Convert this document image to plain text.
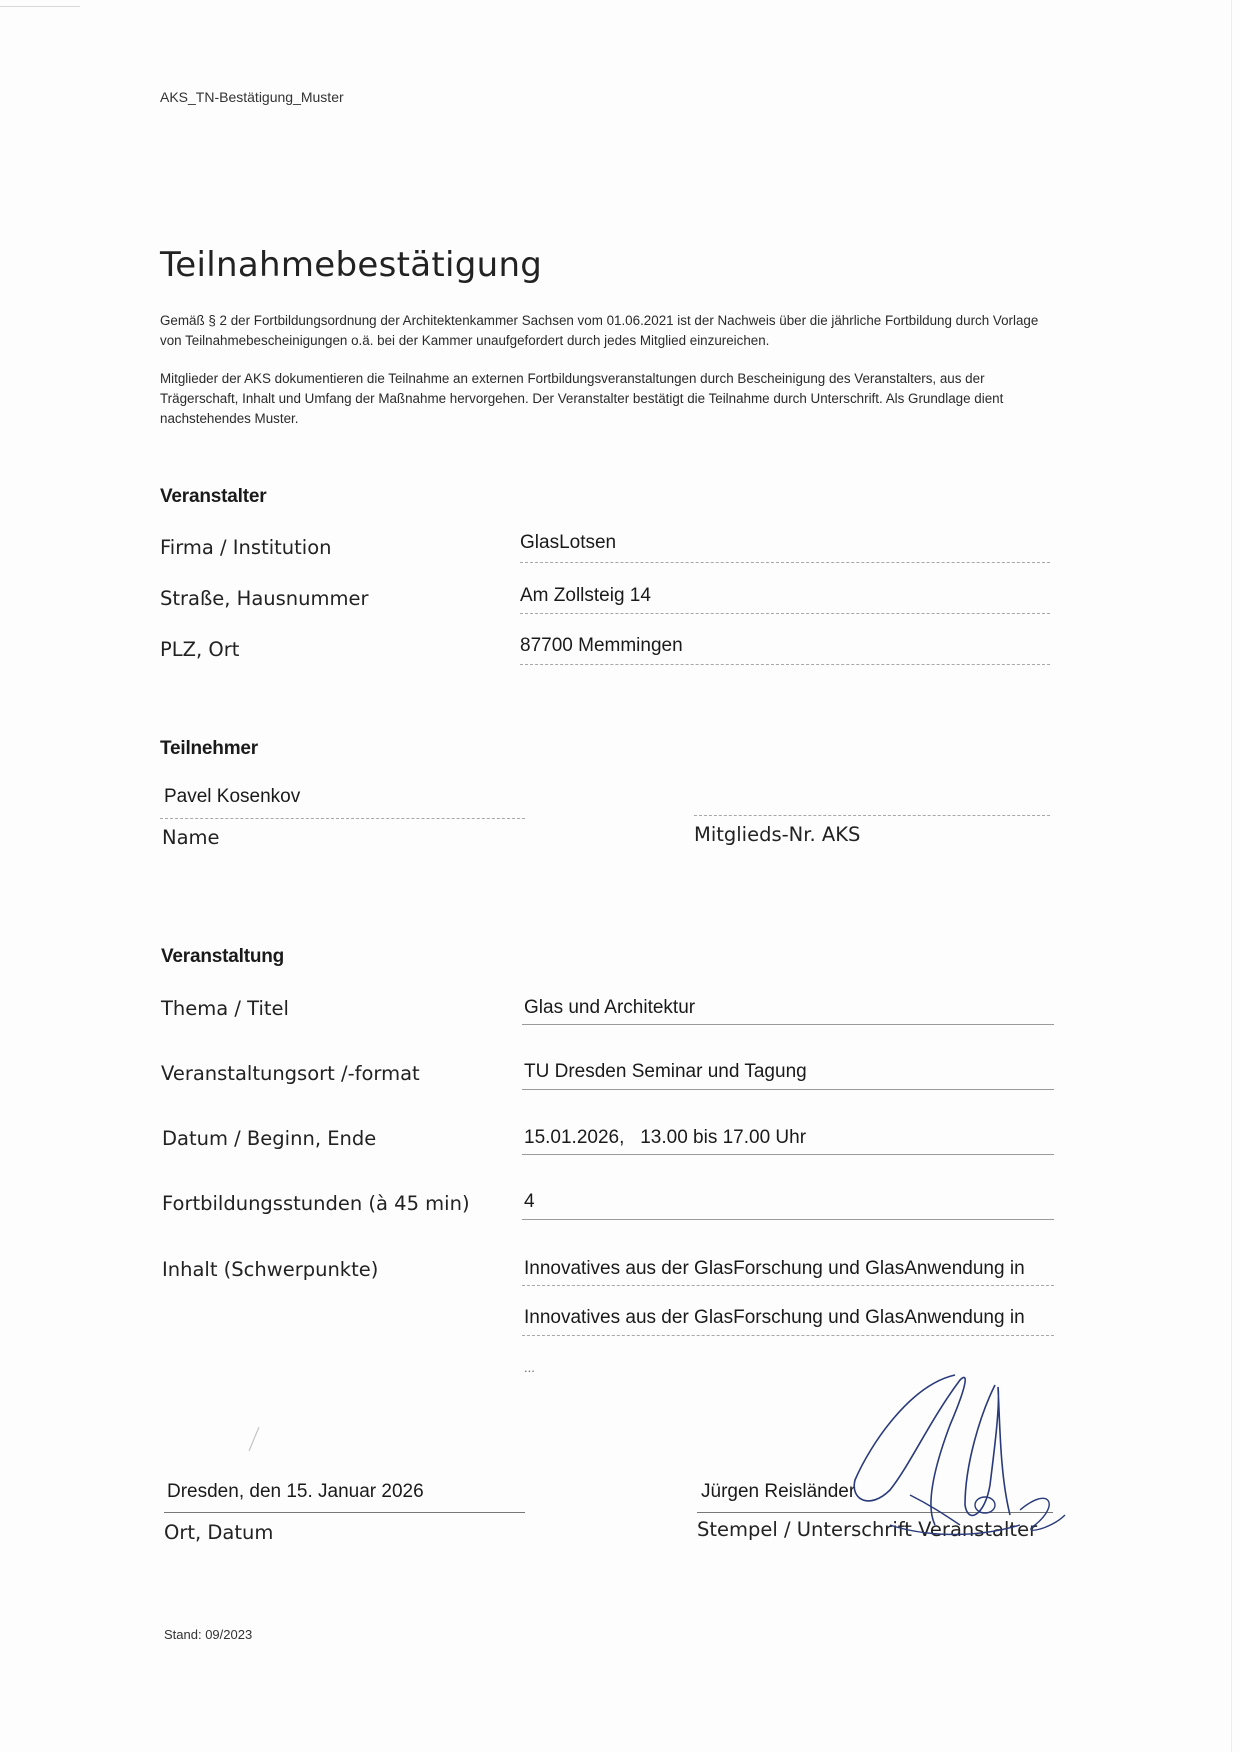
AKS_TN-Bestätigung_Muster
Teilnahmebestätigung

Gemäß § 2 der Fortbildungsordnung der Architektenkammer Sachsen vom 01.06.2021 ist der Nachweis über die jährliche Fortbildung durch Vorlage von Teilnahmebescheinigungen o.ä. bei der Kammer unaufgefordert durch jedes Mitglied einzureichen.

Mitglieder der AKS dokumentieren die Teilnahme an externen Fortbildungsveranstaltungen durch Bescheinigung des Veranstalters, aus der Trägerschaft, Inhalt und Umfang der Maßnahme hervorgehen. Der Veranstalter bestätigt die Teilnahme durch Unterschrift. Als Grundlage dient nachstehendes Muster.

Veranstalter
Firma / Institution	GlasLotsen
Straße, Hausnummer	Am Zollsteig 14
PLZ, Ort	87700 Memmingen
Teilnehmer
Pavel Kosenkov
Name	Mitglieds-Nr. AKS
Veranstaltung
Thema / Titel	Glas und Architektur
Veranstaltungsort /-format	TU Dresden Seminar und Tagung
Datum / Beginn, Ende	15.01.2026,   13.00 bis 17.00 Uhr
Fortbildungsstunden (à 45 min)	4
Inhalt (Schwerpunkte)	Innovatives aus der GlasForschung und GlasAnwendung in
Innovatives aus der GlasForschung und GlasAnwendung in
...
Dresden, den 15. Januar 2026
Ort, Datum
Jürgen Reisländer
Stempel / Unterschrift Veranstalter
Stand: 09/2023
